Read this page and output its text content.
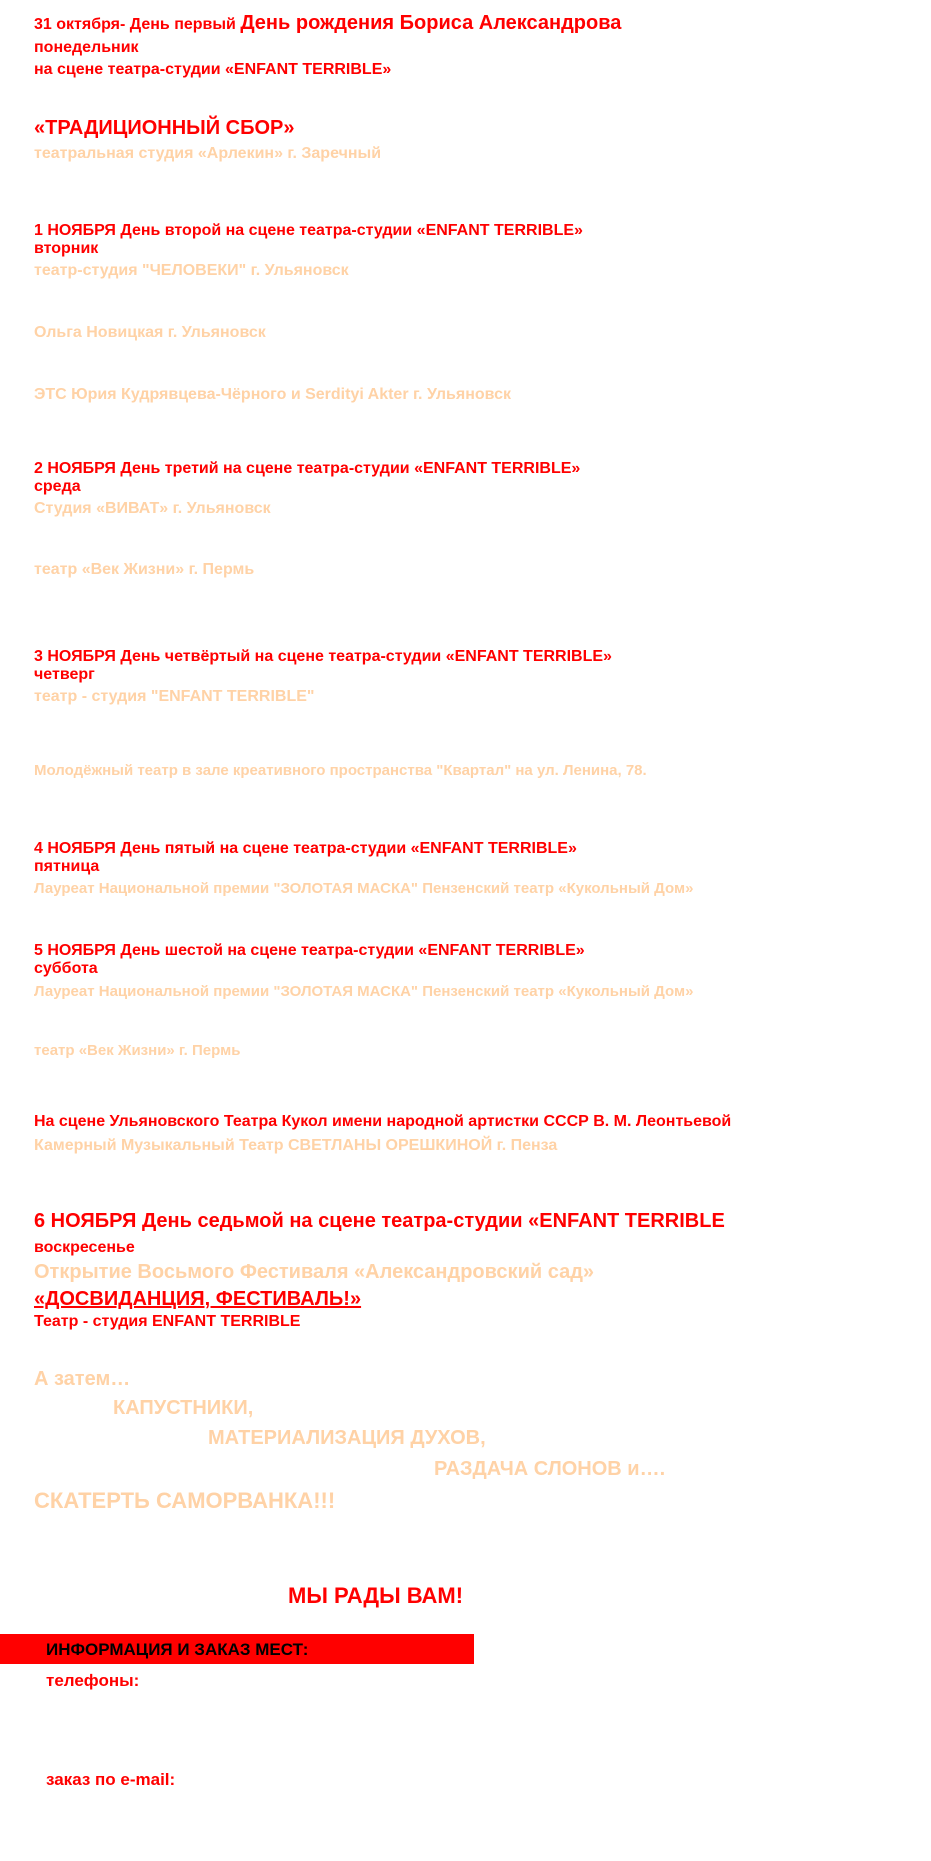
31 октября- День первый День рождения Бориса Александрова
понедельник
на сцене театра-студии «ENFANT TERRIBLE»
«ТРАДИЦИОННЫЙ СБОР»
театральная студия «Арлекин» г. Заречный
1 НОЯБРЯ День второй на сцене театра-студии «ENFANT TERRIBLE»
вторник
театр-студия "ЧЕЛОВЕКИ" г. Ульяновск
Ольга Новицкая г. Ульяновск
ЭТС Юрия Кудрявцева-Чёрного и Serdityi Akter г. Ульяновск
2 НОЯБРЯ День третий на сцене театра-студии «ENFANT TERRIBLE»
среда
Студия «ВИВАТ» г. Ульяновск
театр «Век Жизни» г. Пермь
3 НОЯБРЯ День четвёртый на сцене театра-студии «ENFANT TERRIBLE»
четверг
театр - студия "ENFANT TERRIBLE"
Молодёжный театр в зале креативного пространства "Квартал" на ул. Ленина, 78.
4 НОЯБРЯ День пятый на сцене театра-студии «ENFANT TERRIBLE»
пятница
Лауреат Национальной премии "ЗОЛОТАЯ МАСКА" Пензенский театр «Кукольный Дом»
5 НОЯБРЯ День шестой на сцене театра-студии «ENFANT TERRIBLE»
суббота
Лауреат Национальной премии "ЗОЛОТАЯ МАСКА" Пензенский театр «Кукольный Дом»
театр «Век Жизни» г. Пермь
На сцене Ульяновского Театра Кукол имени народной артистки СССР В. М. Леонтьевой
Камерный Музыкальный Театр СВЕТЛАНЫ ОРЕШКИНОЙ г. Пенза
6 НОЯБРЯ День седьмой на сцене театра-студии «ENFANT TERRIBLE
воскресенье
Открытие Восьмого Фестиваля «Александровский сад»
«ДОСВИДАНЦИЯ, ФЕСТИВАЛЬ!»
Театр - студия ENFANT TERRIBLE
А затем…
КАПУСТНИКИ,
МАТЕРИАЛИЗАЦИЯ ДУХОВ,
РАЗДАЧА СЛОНОВ и….
СКАТЕРТЬ САМОРВАНКА!!!
МЫ РАДЫ ВАМ!
ИНФОРМАЦИЯ И ЗАКАЗ МЕСТ:
телефоны:
заказ по e-mail:
